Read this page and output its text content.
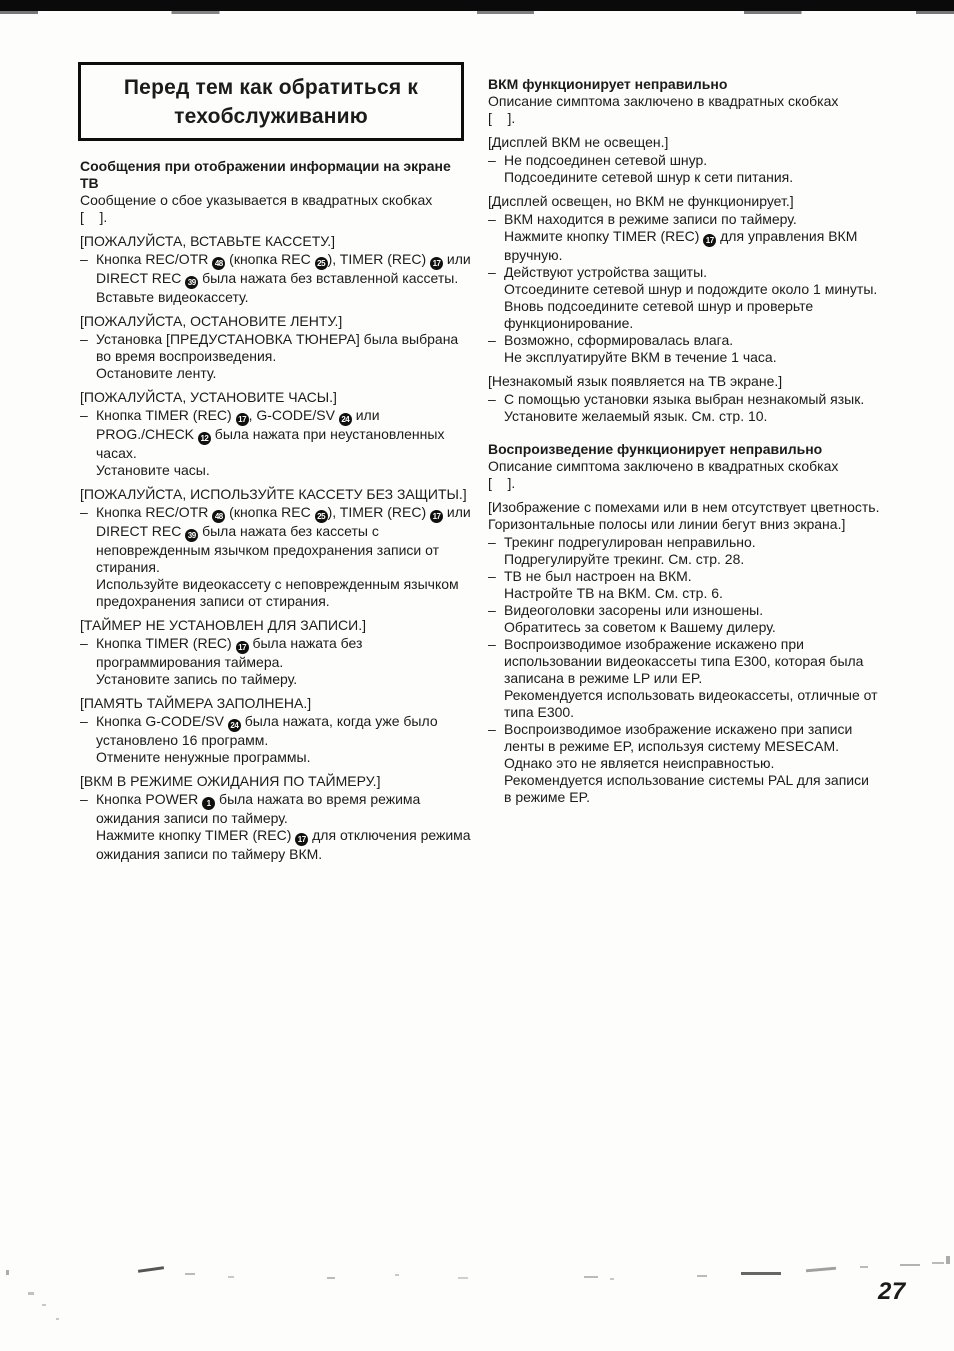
Перед тем как обратиться к
техобслуживанию
Сообщения при отображении информации на экране ТВ
Сообщение о сбое указывается в квадратных скобках
[    ].
[ПОЖАЛУЙСТА, ВСТАВЬТЕ КАССЕТУ.]
– Кнопка REC/OTR 48 (кнопка REC 25 ), TIMER (REC) 17 или DIRECT REC 39 была нажата без вставленной кассеты.
Вставьте видеокассету.
[ПОЖАЛУЙСТА, ОСТАНОВИТЕ ЛЕНТУ.]
– Установка [ПРЕДУСТАНОВКА ТЮНЕРА] была выбрана во время воспроизведения.
Остановите ленту.
[ПОЖАЛУЙСТА, УСТАНОВИТЕ ЧАСЫ.]
– Кнопка TIMER (REC) 17 , G-CODE/SV 24 или PROG./CHECK 12 была нажата при неустановленных часах.
Установите часы.
[ПОЖАЛУЙСТА, ИСПОЛЬЗУЙТЕ КАССЕТУ БЕЗ ЗАЩИТЫ.]
– Кнопка REC/OTR 48 (кнопка REC 25 ), TIMER (REC) 17 или DIRECT REC 39 была нажата без кассеты с неповрежденным язычком предохранения записи от стирания.
Используйте видеокассету с неповрежденным язычком предохранения записи от стирания.
[ТАЙМЕР НЕ УСТАНОВЛЕН ДЛЯ ЗАПИСИ.]
– Кнопка TIMER (REC) 17 была нажата без программирования таймера.
Установите запись по таймеру.
[ПАМЯТЬ ТАЙМЕРА ЗАПОЛНЕНА.]
– Кнопка G-CODE/SV 24 была нажата, когда уже было установлено 16 программ.
Отмените ненужные программы.
[ВКМ В РЕЖИМЕ ОЖИДАНИЯ ПО ТАЙМЕРУ.]
– Кнопка POWER 1 была нажата во время режима ожидания записи по таймеру.
Нажмите кнопку TIMER (REC) 17 для отключения режима ожидания записи по таймеру ВКМ.
ВКМ функционирует неправильно
Описание симптома заключено в квадратных скобках
[    ].
[Дисплей ВКМ не освещен.]
– Не подсоединен сетевой шнур.
Подсоедините сетевой шнур к сети питания.
[Дисплей освещен, но ВКМ не функционирует.]
– ВКМ находится в режиме записи по таймеру.
Нажмите кнопку TIMER (REC) 17 для управления ВКМ вручную.
– Действуют устройства защиты.
Отсоедините сетевой шнур и подождите около 1 минуты. Вновь подсоедините сетевой шнур и проверьте функционирование.
– Возможно, сформировалась влага.
Не эксплуатируйте ВКМ в течение 1 часа.
[Незнакомый язык появляется на ТВ экране.]
– С помощью установки языка выбран незнакомый язык.
Установите желаемый язык. См. стр. 10.
Воспроизведение функционирует неправильно
Описание симптома заключено в квадратных скобках
[    ].
[Изображение с помехами или в нем отсутствует цветность. Горизонтальные полосы или линии бегут вниз экрана.]
– Трекинг подрегулирован неправильно.
Подрегулируйте трекинг. См. стр. 28.
– ТВ не был настроен на ВКМ.
Настройте ТВ на ВКМ. См. стр. 6.
– Видеоголовки засорены или изношены.
Обратитесь за советом к Вашему дилеру.
– Воспроизводимое изображение искажено при использовании видеокассеты типа E300, которая была записана в режиме LP или EP.
Рекомендуется использовать видеокассеты, отличные от типа E300.
– Воспроизводимое изображение искажено при записи ленты в режиме EP, используя систему MESECAM.
Однако это не является неисправностью.
Рекомендуется использование системы PAL для записи в режиме EP.
27
